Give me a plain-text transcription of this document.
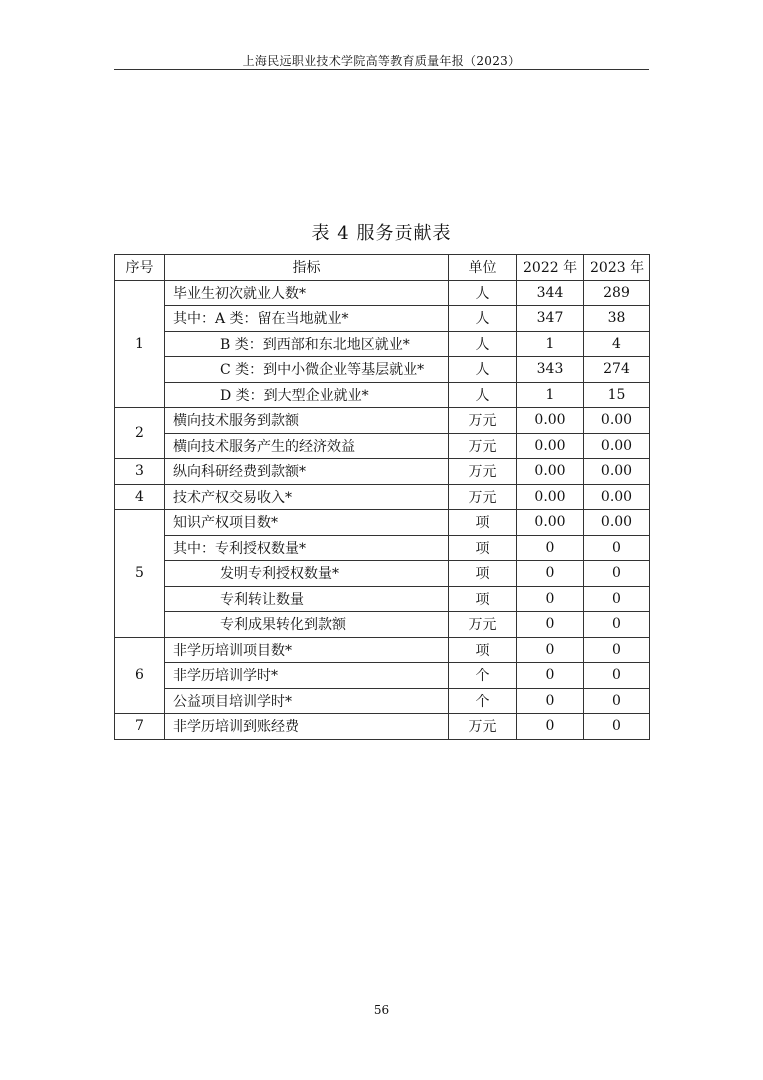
上海民远职业技术学院高等教育质量年报（2023）
表 4 服务贡献表
序号	指标	单位	2022 年	2023 年
1	毕业生初次就业人数*	人	344	289
	其中：A 类：留在当地就业*	人	347	38
	B 类：到西部和东北地区就业*	人	1	4
	C 类：到中小微企业等基层就业*	人	343	274
	D 类：到大型企业就业*	人	1	15
2	横向技术服务到款额	万元	0.00	0.00
	横向技术服务产生的经济效益	万元	0.00	0.00
3	纵向科研经费到款额*	万元	0.00	0.00
4	技术产权交易收入*	万元	0.00	0.00
5	知识产权项目数*	项	0.00	0.00
	其中：专利授权数量*	项	0	0
	发明专利授权数量*	项	0	0
	专利转让数量	项	0	0
	专利成果转化到款额	万元	0	0
6	非学历培训项目数*	项	0	0
	非学历培训学时*	个	0	0
	公益项目培训学时*	个	0	0
7	非学历培训到账经费	万元	0	0
56
